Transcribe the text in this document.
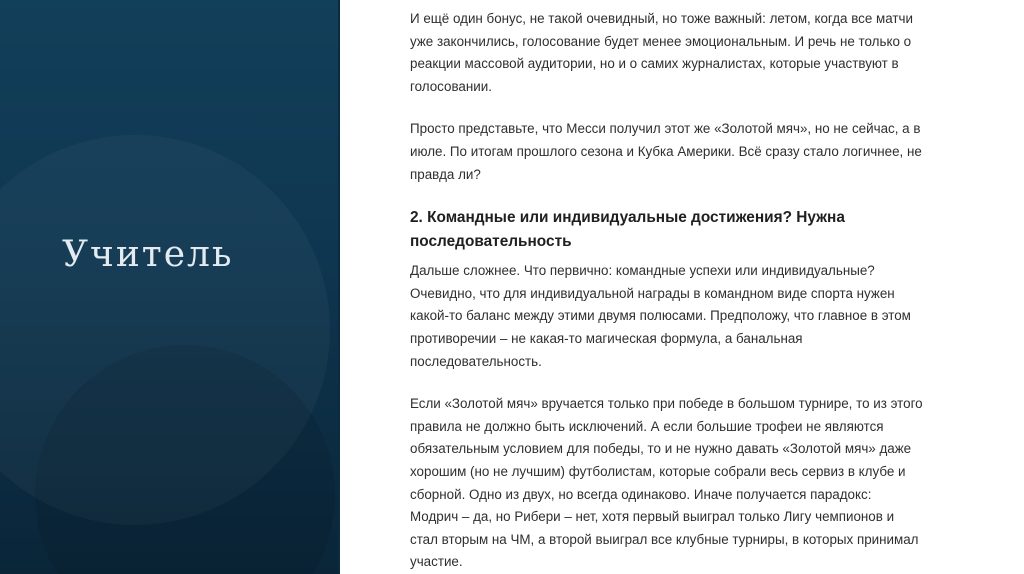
Учитель

И ещё один бонус, не такой очевидный, но тоже важный: летом, когда все матчи
уже закончились, голосование будет менее эмоциональным. И речь не только о
реакции массовой аудитории, но и о самих журналистах, которые участвуют в
голосовании.

Просто представьте, что Месси получил этот же «Золотой мяч», но не сейчас, а в
июле. По итогам прошлого сезона и Кубка Америки. Всё сразу стало логичнее, не
правда ли?

2. Командные или индивидуальные достижения? Нужна
последовательность

Дальше сложнее. Что первично: командные успехи или индивидуальные?
Очевидно, что для индивидуальной награды в командном виде спорта нужен
какой-то баланс между этими двумя полюсами. Предположу, что главное в этом
противоречии – не какая-то магическая формула, а банальная
последовательность.

Если «Золотой мяч» вручается только при победе в большом турнире, то из этого
правила не должно быть исключений. А если большие трофеи не являются
обязательным условием для победы, то и не нужно давать «Золотой мяч» даже
хорошим (но не лучшим) футболистам, которые собрали весь сервиз в клубе и
сборной. Одно из двух, но всегда одинаково. Иначе получается парадокс:
Модрич – да, но Рибери – нет, хотя первый выиграл только Лигу чемпионов и
стал вторым на ЧМ, а второй выиграл все клубные турниры, в которых принимал
участие.
